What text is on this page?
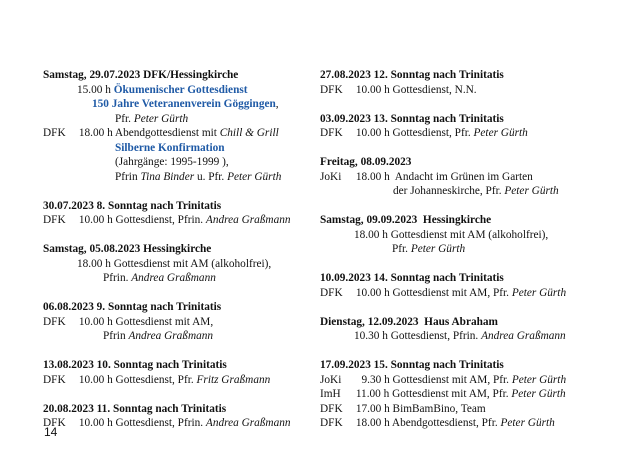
Samstag, 29.07.2023 DFK/Hessingkirche
15.00 h Ökumenischer Gottesdienst
150 Jahre Veteranenverein Göggingen,
Pfr. Peter Gürth
DFK 18.00 h Abendgottesdienst mit Chill & Grill
Silberne Konfirmation
(Jahrgänge: 1995-1999 ),
Pfrin Tina Binder u. Pfr. Peter Gürth
30.07.2023 8. Sonntag nach Trinitatis
DFK 10.00 h Gottesdienst, Pfrin. Andrea Graßmann
Samstag, 05.08.2023 Hessingkirche
18.00 h Gottesdienst mit AM (alkoholfrei),
Pfrin. Andrea Graßmann
06.08.2023 9. Sonntag nach Trinitatis
DFK 10.00 h Gottesdienst mit AM,
Pfrin Andrea Graßmann
13.08.2023 10. Sonntag nach Trinitatis
DFK 10.00 h Gottesdienst, Pfr. Fritz Graßmann
20.08.2023 11. Sonntag nach Trinitatis
DFK 10.00 h Gottesdienst, Pfrin. Andrea Graßmann
27.08.2023 12. Sonntag nach Trinitatis
DFK 10.00 h Gottesdienst, N.N.
03.09.2023 13. Sonntag nach Trinitatis
DFK 10.00 h Gottesdienst, Pfr. Peter Gürth
Freitag, 08.09.2023
JoKi 18.00 h  Andacht im Grünen im Garten
der Johanneskirche, Pfr. Peter Gürth
Samstag, 09.09.2023  Hessingkirche
18.00 h Gottesdienst mit AM (alkoholfrei),
Pfr. Peter Gürth
10.09.2023 14. Sonntag nach Trinitatis
DFK 10.00 h Gottesdienst mit AM, Pfr. Peter Gürth
Dienstag, 12.09.2023  Haus Abraham
10.30 h Gottesdienst, Pfrin. Andrea Graßmann
17.09.2023 15. Sonntag nach Trinitatis
JoKi   9.30 h Gottesdienst mit AM, Pfr. Peter Gürth
ImH 11.00 h Gottesdienst mit AM, Pfr. Peter Gürth
DFK 17.00 h BimBamBino, Team
DFK 18.00 h Abendgottesdienst, Pfr. Peter Gürth
14
